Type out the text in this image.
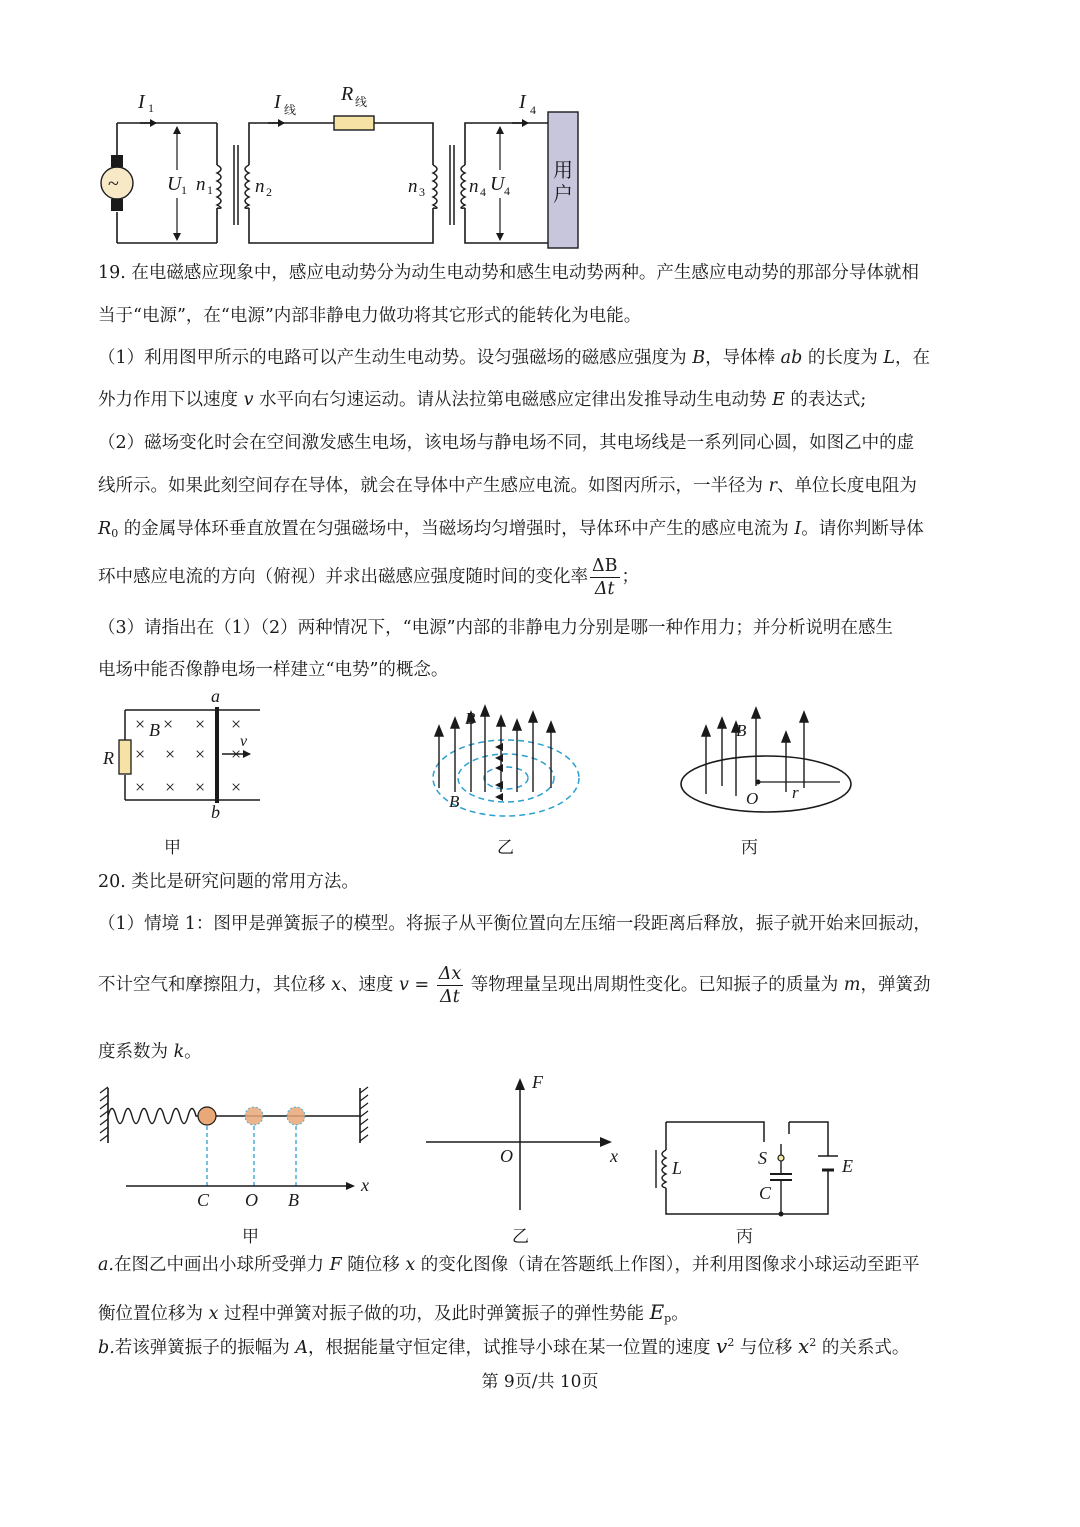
~
I 1
U 1 n 1 n 2
R 线
I 线
n 3 n 4 U 4
I 4
用
户
19. 在电磁感应现象中，感应电动势分为动生电动势和感生电动势两种。产生感应电动势的那部分导体就相
当于“电源”，在“电源”内部非静电力做功将其它形式的能转化为电能。
（1）利用图甲所示的电路可以产生动生电动势。设匀强磁场的磁感应强度为 B，导体棒 ab 的长度为 L，在
外力作用下以速度 v 水平向右匀速运动。请从法拉第电磁感应定律出发推导动生电动势 E 的表达式;
（2）磁场变化时会在空间激发感生电场，该电场与静电场不同，其电场线是一系列同心圆，如图乙中的虚
线所示。如果此刻空间存在导体，就会在导体中产生感应电流。如图丙所示，一半径为 r、单位长度电阻为
$R_0$ 的金属导体环垂直放置在匀强磁场中，当磁场均匀增强时，导体环中产生的感应电流为 I。请你判断导体
环中感应电流的方向（俯视）并求出磁感应强度随时间的变化率 $\frac{\Delta B}{\Delta t}$ ；
（3）请指出在（1）（2）两种情况下，“电源”内部的非静电力分别是哪一种作用力；并分析说明在感生
电场中能否像静电场一样建立“电势”的概念。
R
a
b
× × × ×
B
× × × ×
× × × ×
v
甲
B
B
乙
B
O r
丙
20. 类比是研究问题的常用方法。
（1）情境 1：图甲是弹簧振子的模型。将振子从平衡位置向左压缩一段距离后释放，振子就开始来回振动，
不计空气和摩擦阻力，其位移 x、速度 $v = \frac{\Delta x}{\Delta t}$ 等物理量呈现出周期性变化。已知振子的质量为 m，弹簧劲
度系数为 k。
x
C O B
甲
F
O	x
乙
L	S
C
E
丙
a.在图乙中画出小球所受弹力 F 随位移 x 的变化图像（请在答题纸上作图），并利用图像求小球运动至距平
衡位置位移为 x 过程中弹簧对振子做的功，及此时弹簧振子的弹性势能 $E_p$。
b.若该弹簧振子的振幅为 A，根据能量守恒定律，试推导小球在某一位置的速度 $v^2$ 与位移 $x^2$ 的关系式。
第 9页/共 10页
